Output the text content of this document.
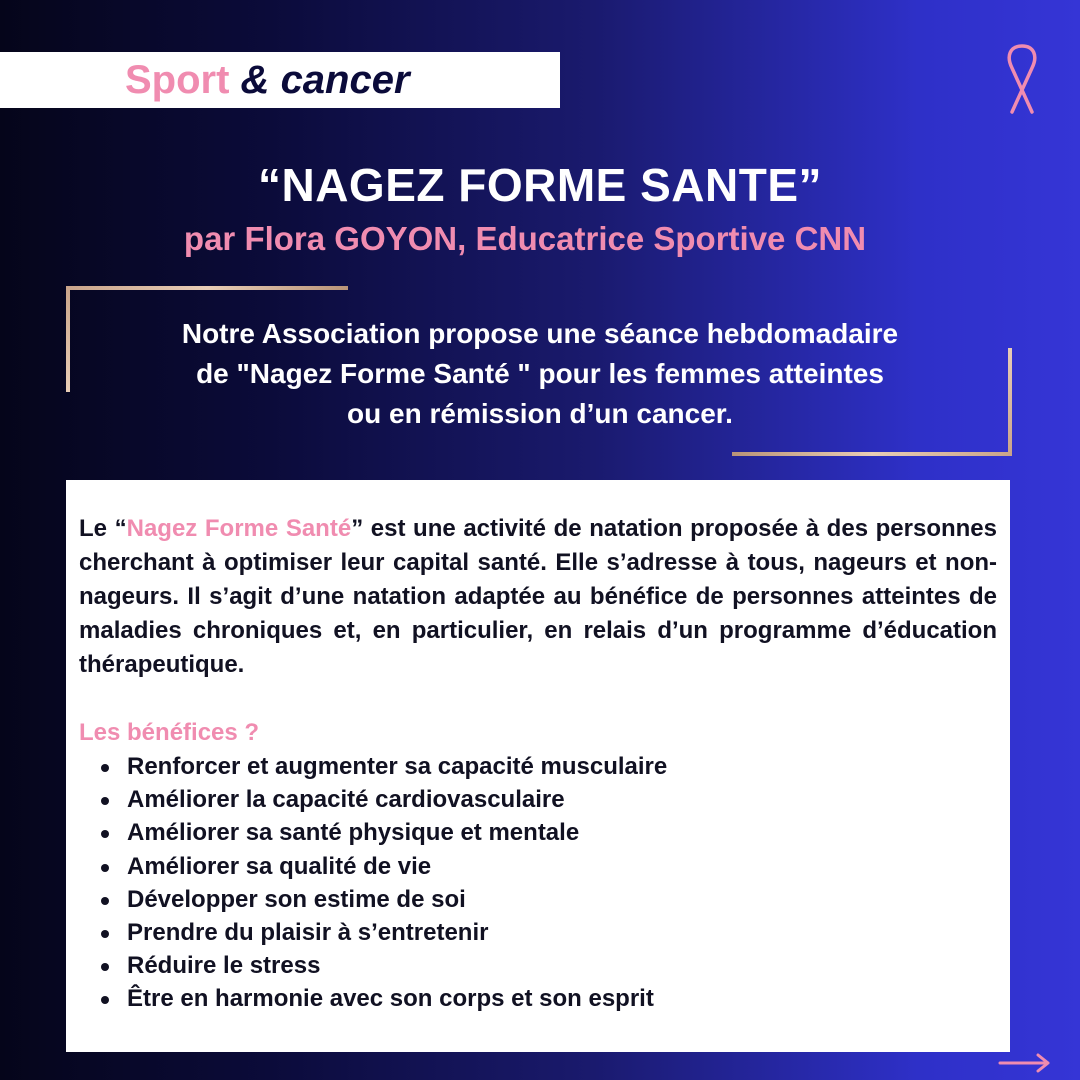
Sport & cancer
“NAGEZ FORME SANTE”
par Flora GOYON, Educatrice Sportive CNN

Notre Association propose une séance hebdomadaire

de "Nagez Forme Santé " pour les femmes atteintes

ou en rémission d’un cancer.

Le “Nagez Forme Santé” est une activité de natation proposée à des personnes cherchant à optimiser leur capital santé. Elle s’adresse à tous, nageurs et non-nageurs. Il s’agit d’une natation adaptée au bénéfice de personnes atteintes de maladies chroniques et, en particulier, en relais d’un programme d’éducation thérapeutique.
Les bénéfices ?
Renforcer et augmenter sa capacité musculaire
Améliorer la capacité cardiovasculaire
Améliorer sa santé physique et mentale
Améliorer sa qualité de vie
Développer son estime de soi
Prendre du plaisir à s’entretenir
Réduire le stress
Être en harmonie avec son corps et son esprit
